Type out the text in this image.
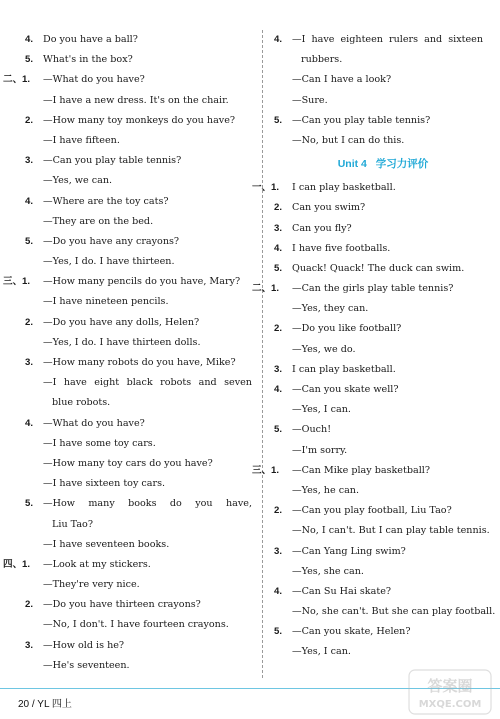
4. Do you have a ball?
5. What's in the box?
二、 1. —What do you have?
—I have a new dress. It's on the chair.
2. —How many toy monkeys do you have?
—I have fifteen.
3. —Can you play table tennis?
—Yes, we can.
4. —Where are the toy cats?
—They are on the bed.
5. —Do you have any crayons?
—Yes, I do. I have thirteen.
三、 1. —How many pencils do you have, Mary?
—I have nineteen pencils.
2. —Do you have any dolls, Helen?
—Yes, I do. I have thirteen dolls.
3. —How many robots do you have, Mike?
—I have eight black robots and seven
blue robots.
4. —What do you have?
—I have some toy cars.
—How many toy cars do you have?
—I have sixteen toy cars.
5. —How many books do you have,
Liu Tao?
—I have seventeen books.
四、 1. —Look at my stickers.
—They're very nice.
2. —Do you have thirteen crayons?
—No, I don't. I have fourteen crayons.
3. —How old is he?
—He's seventeen.
4. —I have eighteen rulers and sixteen
rubbers.
—Can I have a look?
—Sure.
5. —Can you play table tennis?
—No, but I can do this.
Unit 4 学习力评价
一、 1. I can play basketball.
2. Can you swim?
3. Can you fly?
4. I have five footballs.
5. Quack! Quack! The duck can swim.
二、 1. —Can the girls play table tennis?
—Yes, they can.
2. —Do you like football?
—Yes, we do.
3. I can play basketball.
4. —Can you skate well?
—Yes, I can.
5. —Ouch!
—I'm sorry.
三、 1. —Can Mike play basketball?
—Yes, he can.
2. —Can you play football, Liu Tao?
—No, I can't. But I can play table tennis.
3. —Can Yang Ling swim?
—Yes, she can.
4. —Can Su Hai skate?
—No, she can't. But she can play football.
5. —Can you skate, Helen?
—Yes, I can.
20 / YL 四上
答案圈
MXQE.COM
